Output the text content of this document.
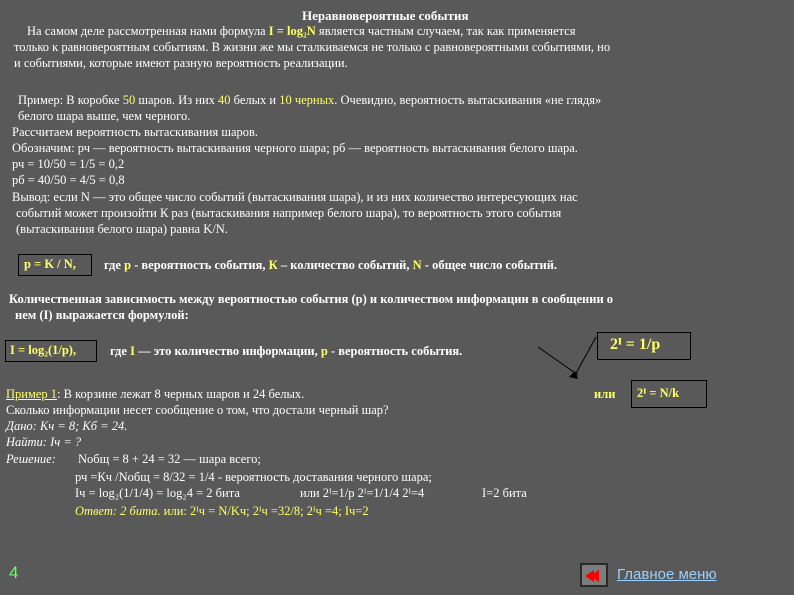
Неравновероятные события
На самом деле рассмотренная нами формула I = log₂N является частным случаем, так как применяется
только к равновероятным событиям. В жизни же мы сталкиваемся не только с равновероятными событиями, но
и событиями, которые имеют разную вероятность реализации.
Пример: В коробке 50 шаров. Из них 40 белых и 10 черных. Очевидно, вероятность вытаскивания «не глядя»
белого шара выше, чем черного.
Рассчитаем вероятность вытаскивания шаров.
Обозначим: рч — вероятность вытаскивания черного шара; рб — вероятность вытаскивания белого шара.
рч = 10/50 = 1/5 = 0,2
рб = 40/50 = 4/5 = 0,8
Вывод: если N — это общее число событий (вытаскивания шара), и из них количество интересующих нас
событий может произойти К раз (вытаскивания например белого шара), то вероятность этого события
(вытаскивания белого шара) равна K/N.
p = K / N, где р - вероятность события, К – количество событий, N - общее число событий.
Количественная зависимость между вероятностью события (р) и количеством информации в сообщении о
нем (I) выражается формулой:
I = log₂(1/p),	где I — это количество информации, р - вероятность события.	2ᴵ = 1/p
Пример 1: В корзине лежат 8 черных шаров и 24 белых.	или 2ᴵ = N/k
Сколько информации несет сообщение о том, что достали черный шар?
Дано: Кч = 8; Кб = 24.
Найти: Iч = ?
Решение: Nобщ = 8 + 24 = 32 — шара всего;
рч =Кч /Nобщ = 8/32 = 1/4 - вероятность доставания черного шара;
Iч = log₂(1/1/4) = log₂4 = 2 бита	или 2ᴵ=1/p 2ᴵ=1/1/4 2ᴵ=4	I=2 бита
Ответ: 2 бита. или: 2ᴵч = N/Kч; 2ᴵч =32/8; 2ᴵч =4; Iч=2
4	Главное меню
